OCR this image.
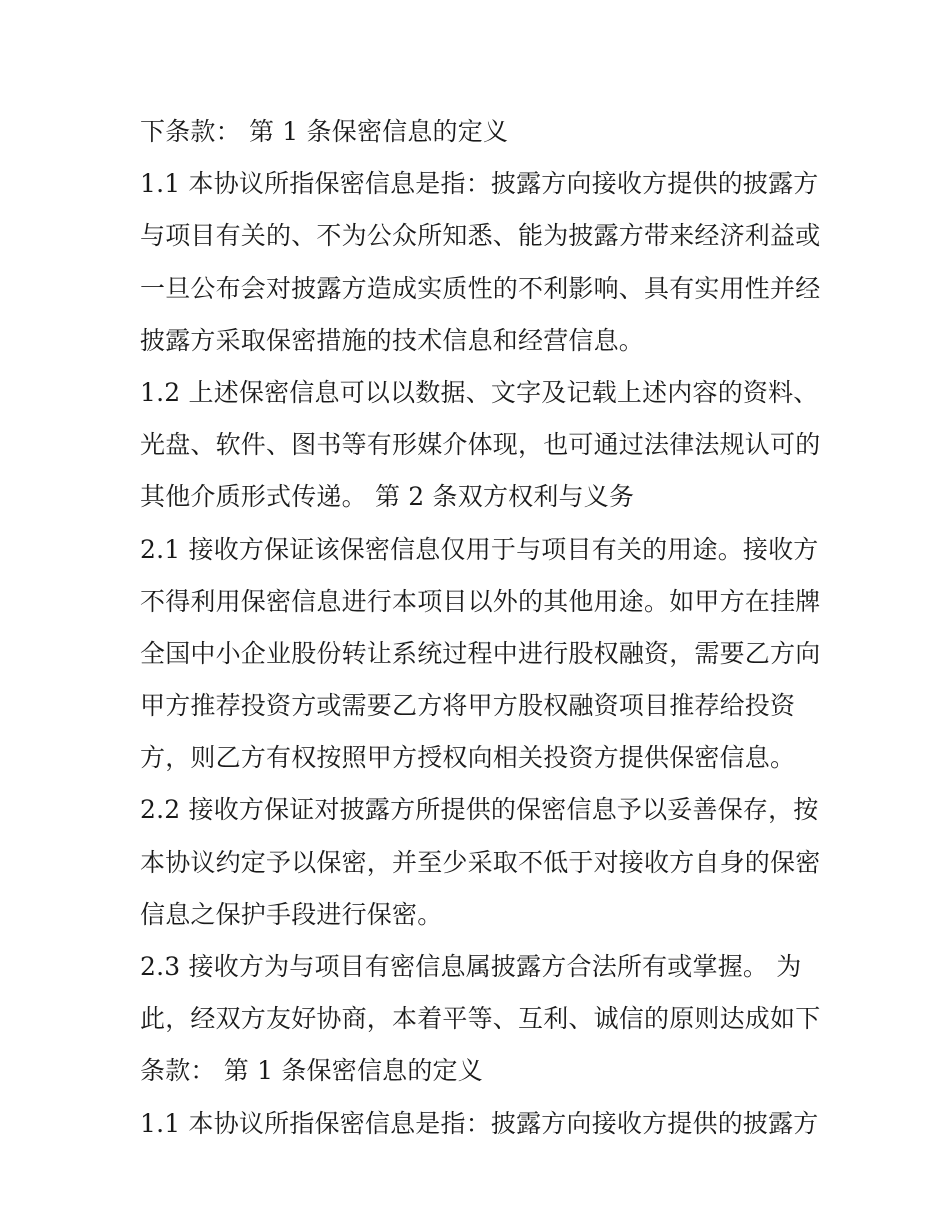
下条款： 第 1 条保密信息的定义
1.1 本协议所指保密信息是指：披露方向接收方提供的披露方
与项目有关的、不为公众所知悉、能为披露方带来经济利益或
一旦公布会对披露方造成实质性的不利影响、具有实用性并经
披露方采取保密措施的技术信息和经营信息。
1.2 上述保密信息可以以数据、文字及记载上述内容的资料、
光盘、软件、图书等有形媒介体现，也可通过法律法规认可的
其他介质形式传递。 第 2 条双方权利与义务
2.1 接收方保证该保密信息仅用于与项目有关的用途。接收方
不得利用保密信息进行本项目以外的其他用途。如甲方在挂牌
全国中小企业股份转让系统过程中进行股权融资，需要乙方向
甲方推荐投资方或需要乙方将甲方股权融资项目推荐给投资
方，则乙方有权按照甲方授权向相关投资方提供保密信息。
2.2 接收方保证对披露方所提供的保密信息予以妥善保存，按
本协议约定予以保密，并至少采取不低于对接收方自身的保密
信息之保护手段进行保密。
2.3 接收方为与项目有密信息属披露方合法所有或掌握。 为
此，经双方友好协商，本着平等、互利、诚信的原则达成如下
条款： 第 1 条保密信息的定义
1.1 本协议所指保密信息是指：披露方向接收方提供的披露方
